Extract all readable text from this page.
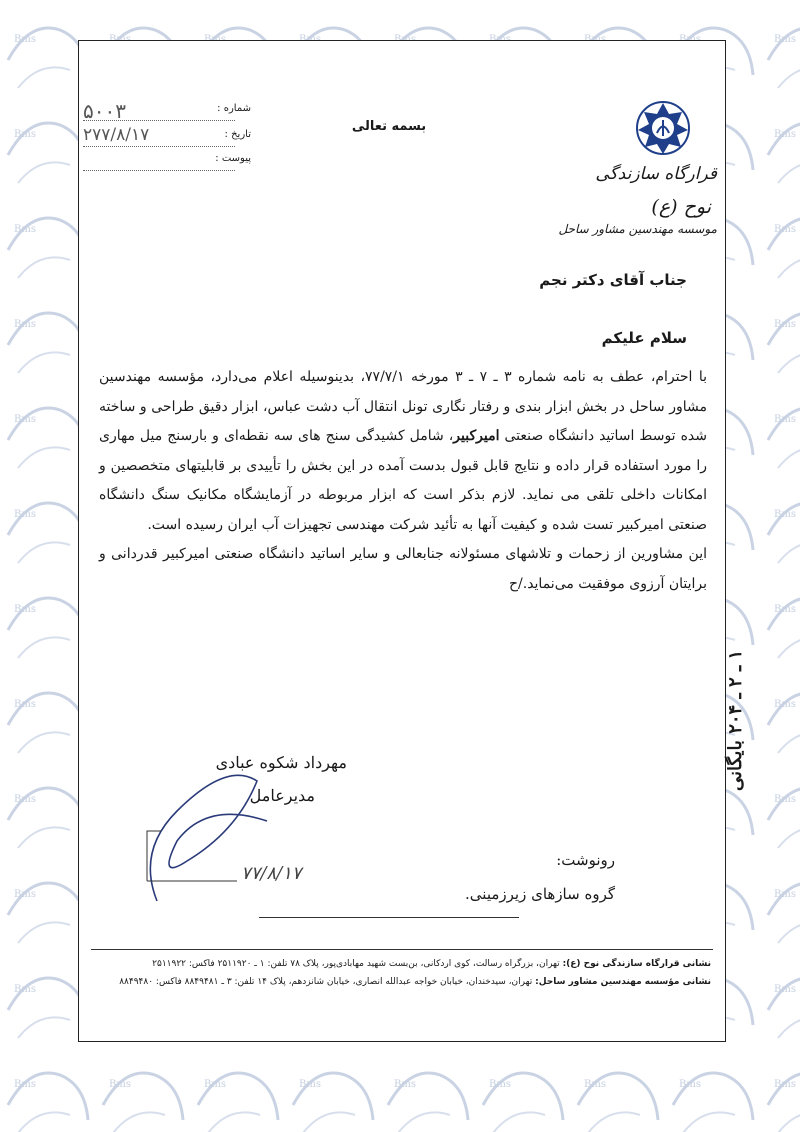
قرارگاه سازندگی
نوح (ع)
موسسه مهندسین مشاور ساحل
بسمه تعالی
شماره :
۵۰۰۳
تاریخ :
۲۷۷/۸/۱۷
پیوست :
جناب آقای دکتر نجم
سلام علیکم

با احترام، عطف به نامه شماره ۳ ـ ۷ ـ ۳ مورخه ۷۷/۷/۱، بدینوسیله اعلام می‌دارد، مؤسسه مهندسین مشاور ساحل در بخش ابزار بندی و رفتار نگاری تونل انتقال آب دشت عباس، ابزار دقیق طراحی و ساخته شده توسط اساتید دانشگاه صنعتی امیرکبیر، شامل کشیدگی سنج های سه نقطه‌ای و بارسنج میل مهاری را مورد استفاده قرار داده و نتایج قابل قبول بدست آمده در این بخش را تأییدی بر قابلیتهای متخصصین و امکانات داخلی تلقی می نماید. لازم بذکر است که ابزار مربوطه در آزمایشگاه مکانیک سنگ دانشگاه صنعتی امیرکبیر تست شده و کیفیت آنها به تأئید شرکت مهندسی تجهیزات آب ایران رسیده است.

این مشاورین از زحمات و تلاشهای مسئولانه جنابعالی و سایر اساتید دانشگاه صنعتی امیرکبیر قدردانی و برایتان آرزوی موفقیت می‌نماید./ح

مهرداد شکوه عبادی
مدیرعامل
۷۷/۸/۱۷
رونوشت:
گروه سازهای زیرزمینی.
۱ ـ ۲ ـ ۲۰۴ بایگانی
نشانی قرارگاه سازندگی نوح (ع): تهران، بزرگراه رسالت، کوی اردکانی، بن‌بست شهید مهابادی‌پور، پلاک ۷۸ تلفن: ۱ ـ ۲۵۱۱۹۲۰ فاکس: ۲۵۱۱۹۲۲
نشانی مؤسسه مهندسین مشاور ساحل: تهران، سیدخندان، خیابان خواجه عبدالله انصاری، خیابان شانزدهم، پلاک ۱۴ تلفن: ۳ ـ ۸۸۴۹۴۸۱ فاکس: ۸۸۴۹۴۸۰
